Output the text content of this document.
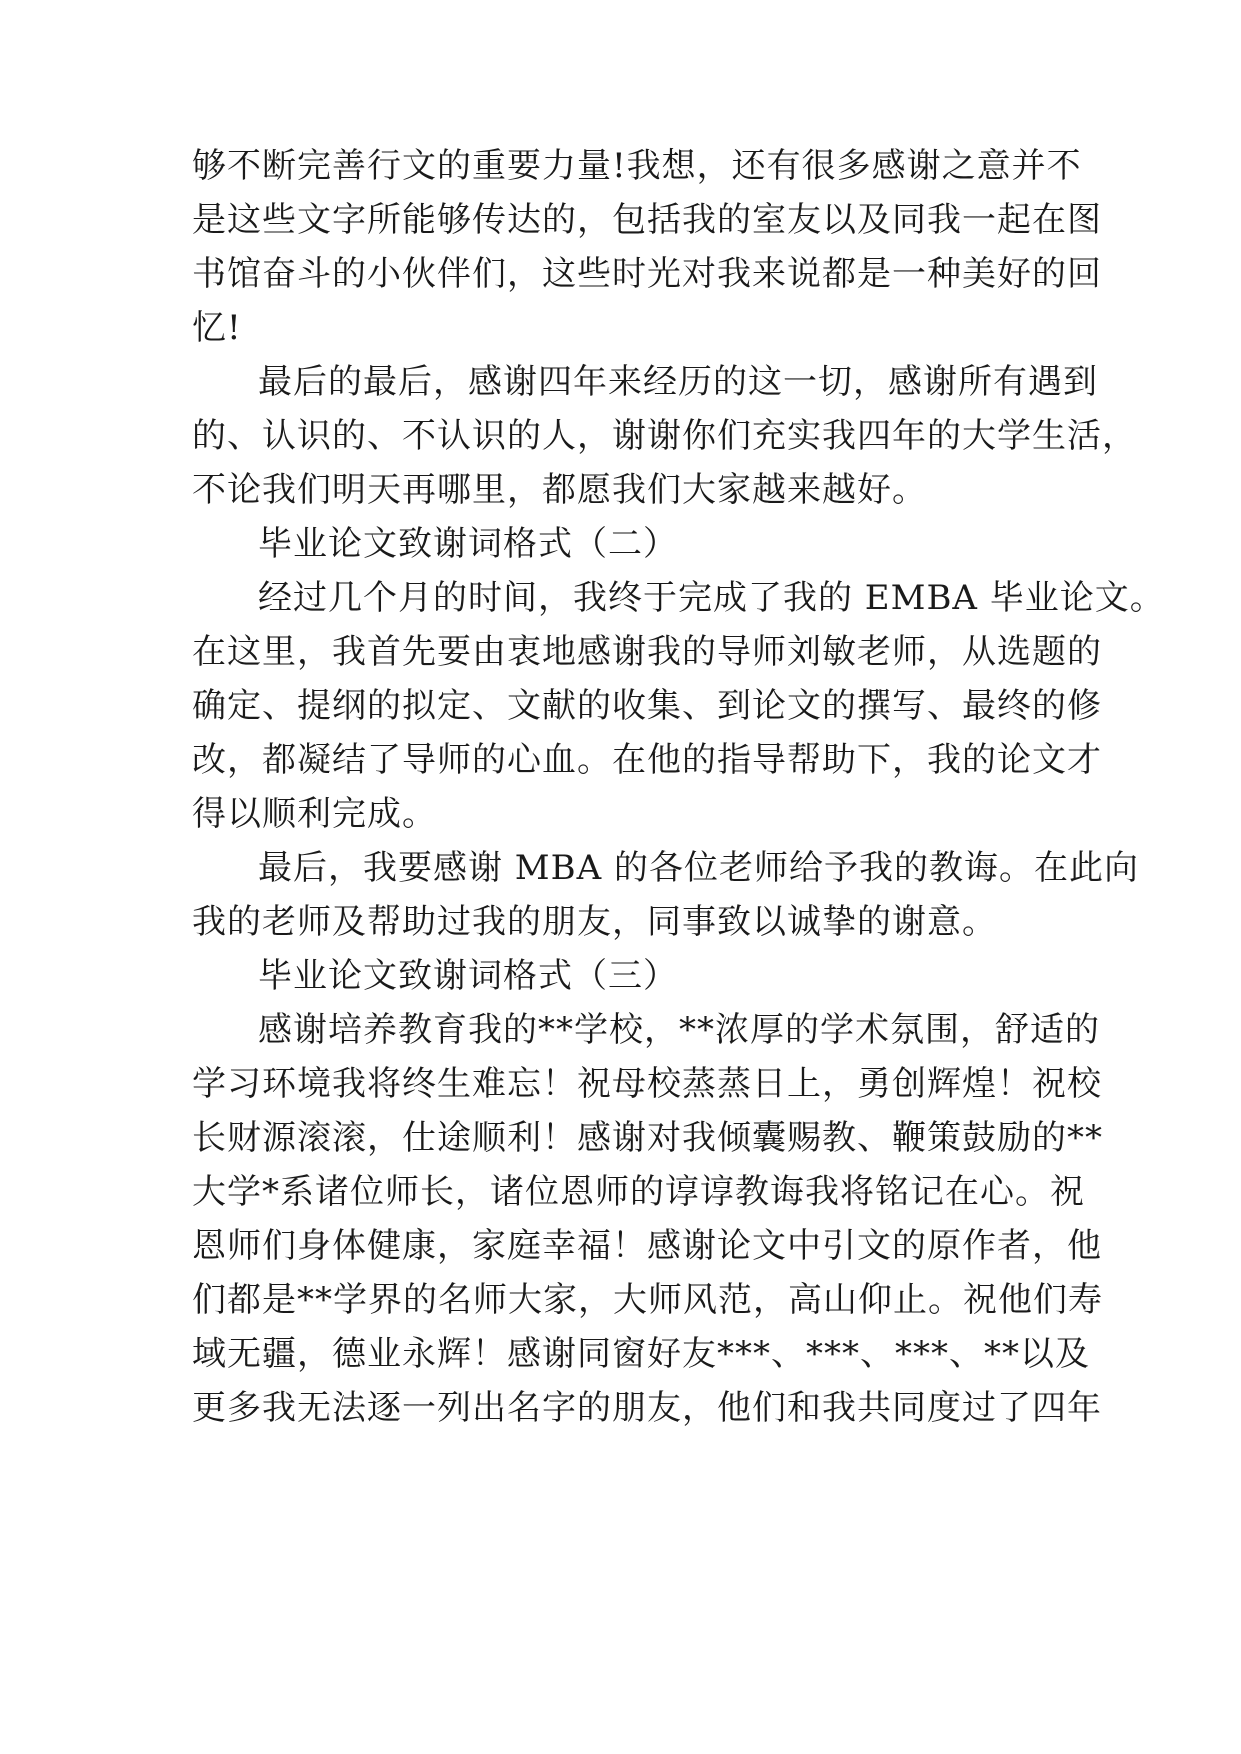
够不断完善行文的重要力量!我想，还有很多感谢之意并不
是这些文字所能够传达的，包括我的室友以及同我一起在图
书馆奋斗的小伙伴们，这些时光对我来说都是一种美好的回
忆!
最后的最后，感谢四年来经历的这一切，感谢所有遇到
的、认识的、不认识的人，谢谢你们充实我四年的大学生活，
不论我们明天再哪里，都愿我们大家越来越好。
毕业论文致谢词格式（二）
经过几个月的时间，我终于完成了我的 EMBA 毕业论文。
在这里，我首先要由衷地感谢我的导师刘敏老师，从选题的
确定、提纲的拟定、文献的收集、到论文的撰写、最终的修
改，都凝结了导师的心血。在他的指导帮助下，我的论文才
得以顺利完成。
最后，我要感谢 MBA 的各位老师给予我的教诲。在此向
我的老师及帮助过我的朋友，同事致以诚挚的谢意。
毕业论文致谢词格式（三）
感谢培养教育我的**学校，**浓厚的学术氛围，舒适的
学习环境我将终生难忘！祝母校蒸蒸日上，勇创辉煌！祝校
长财源滚滚，仕途顺利！感谢对我倾囊赐教、鞭策鼓励的**
大学*系诸位师长，诸位恩师的谆谆教诲我将铭记在心。祝
恩师们身体健康，家庭幸福！感谢论文中引文的原作者，他
们都是**学界的名师大家，大师风范，高山仰止。祝他们寿
域无疆，德业永辉！感谢同窗好友***、***、***、**以及
更多我无法逐一列出名字的朋友，他们和我共同度过了四年
